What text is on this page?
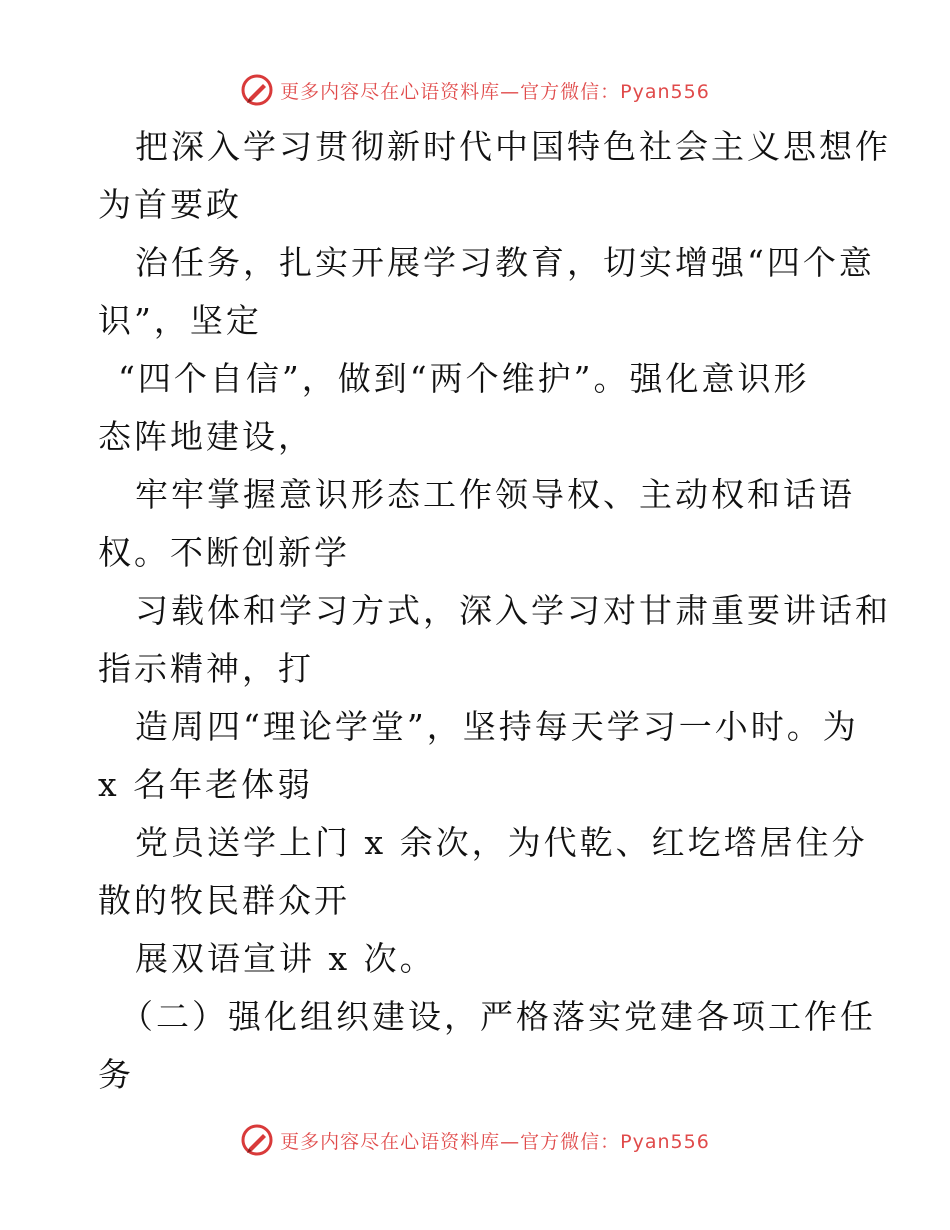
更多内容尽在心语资料库—官方微信：Pyan556
把深入学习贯彻新时代中国特色社会主义思想作
为首要政
治任务，扎实开展学习教育，切实增强“四个意
识”，坚定
“四个自信”，做到“两个维护”。强化意识形
态阵地建设，
牢牢掌握意识形态工作领导权、主动权和话语
权。不断创新学
习载体和学习方式，深入学习对甘肃重要讲话和
指示精神，打
造周四“理论学堂”，坚持每天学习一小时。为
x 名年老体弱
党员送学上门 x 余次，为代乾、红圪㙮居住分
散的牧民群众开
展双语宣讲 x 次。
（二）强化组织建设，严格落实党建各项工作任
务
更多内容尽在心语资料库—官方微信：Pyan556
